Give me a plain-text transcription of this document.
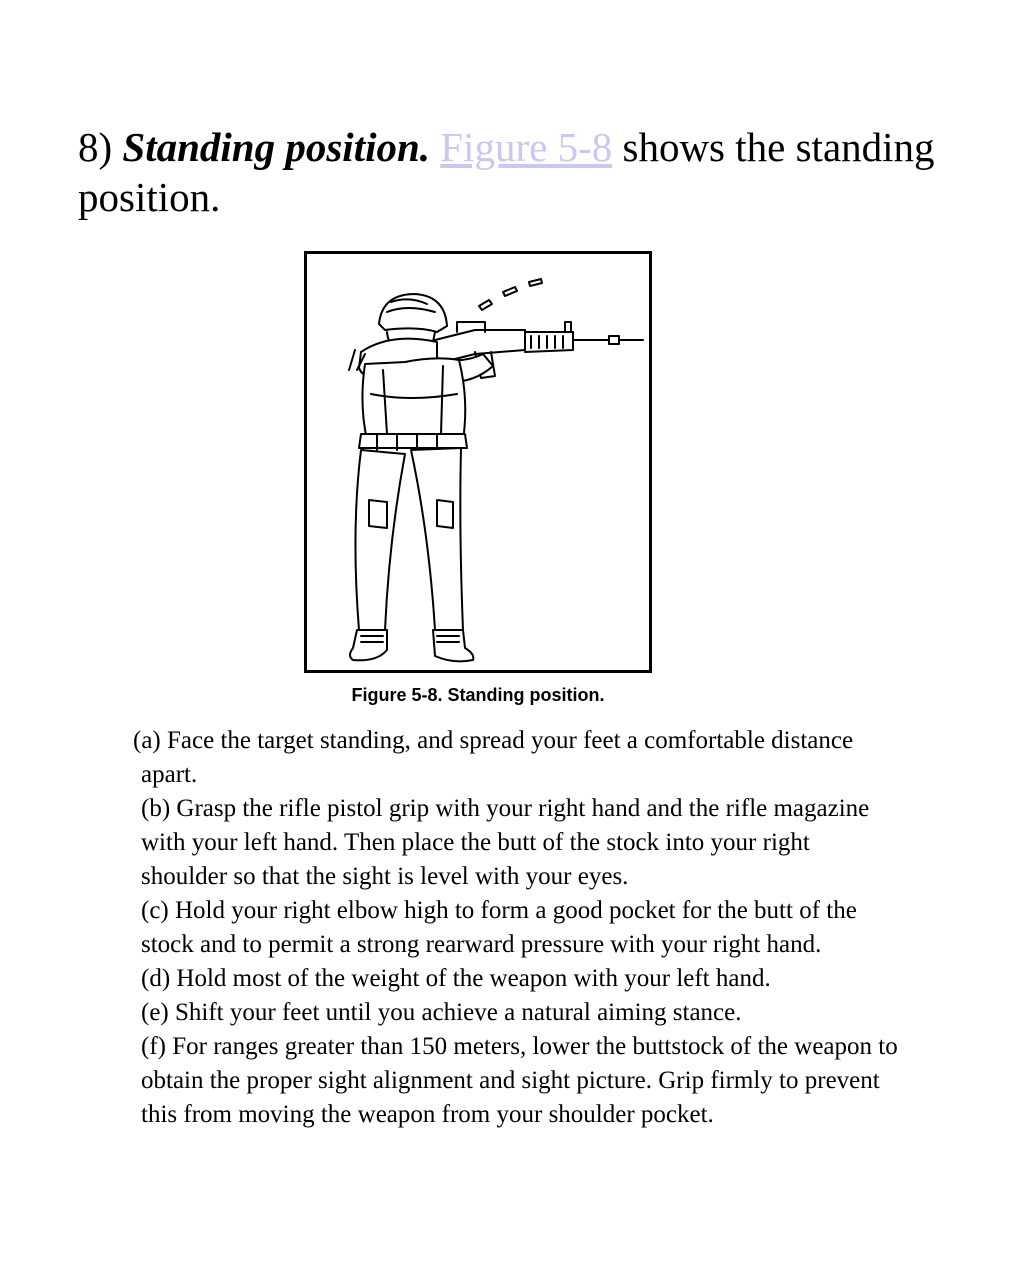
8) Standing position. Figure 5-8 shows the standing position.
Figure 5-8. Standing position.
(a) Face the target standing, and spread your feet a comfortable distance apart.
(b) Grasp the rifle pistol grip with your right hand and the rifle magazine with your left hand. Then place the butt of the stock into your right shoulder so that the sight is level with your eyes.
(c) Hold your right elbow high to form a good pocket for the butt of the stock and to permit a strong rearward pressure with your right hand.
(d) Hold most of the weight of the weapon with your left hand.
(e) Shift your feet until you achieve a natural aiming stance.
(f) For ranges greater than 150 meters, lower the buttstock of the weapon to obtain the proper sight alignment and sight picture. Grip firmly to prevent this from moving the weapon from your shoulder pocket.
